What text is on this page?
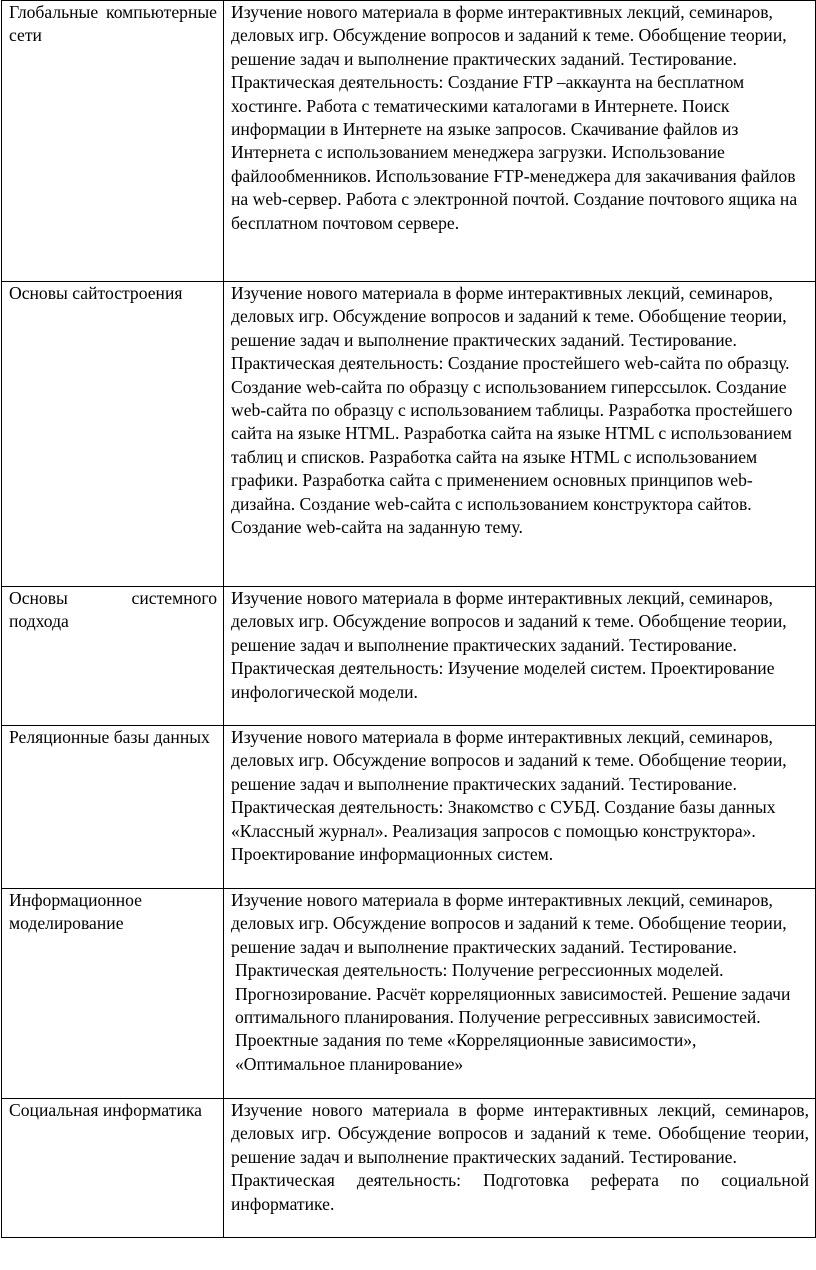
Глобальные компьютерные сети	Изучение нового материала в форме интерактивных лекций, семинаров, деловых игр. Обсуждение вопросов и заданий к теме. Обобщение теории, решение задач и выполнение практических заданий. Тестирование.

Практическая деятельность: Создание FTP –аккаунта на бесплатном хостинге. Работа с тематическими каталогами в Интернете. Поиск информации в Интернете на языке запросов. Скачивание файлов из Интернета с использованием менеджера загрузки. Использование файлообменников. Использование FTP-менеджера для закачивания файлов на web-сервер. Работа с электронной почтой. Создание почтового ящика на бесплатном почтовом сервере.

Основы сайтостроения	Изучение нового материала в форме интерактивных лекций, семинаров, деловых игр. Обсуждение вопросов и заданий к теме. Обобщение теории, решение задач и выполнение практических заданий. Тестирование.

Практическая деятельность: Создание простейшего web-сайта по образцу. Создание web-сайта по образцу с использованием гиперссылок. Создание web-сайта по образцу с использованием таблицы. Разработка простейшего сайта на языке HTML. Разработка сайта на языке HTML с использованием таблиц и списков. Разработка сайта на языке HTML с использованием графики. Разработка сайта с применением основных принципов web-дизайна. Создание web-сайта с использованием конструктора сайтов. Создание web-сайта на заданную тему.

Основы системного подхода	Изучение нового материала в форме интерактивных лекций, семинаров, деловых игр. Обсуждение вопросов и заданий к теме. Обобщение теории, решение задач и выполнение практических заданий. Тестирование.

Практическая деятельность: Изучение моделей систем. Проектирование инфологической модели.

Реляционные базы данных	Изучение нового материала в форме интерактивных лекций, семинаров, деловых игр. Обсуждение вопросов и заданий к теме. Обобщение теории, решение задач и выполнение практических заданий. Тестирование.

Практическая деятельность: Знакомство с СУБД. Создание базы данных «Классный журнал». Реализация запросов с помощью конструктора». Проектирование информационных систем.

Информационное моделирование	Изучение нового материала в форме интерактивных лекций, семинаров, деловых игр. Обсуждение вопросов и заданий к теме. Обобщение теории, решение задач и выполнение практических заданий. Тестирование.

Практическая деятельность: Получение регрессионных моделей. Прогнозирование. Расчёт корреляционных зависимостей. Решение задачи оптимального планирования. Получение регрессивных зависимостей. Проектные задания по теме «Корреляционные зависимости», «Оптимальное планирование»

Социальная информатика	Изучение нового материала в форме интерактивных лекций, семинаров, деловых игр. Обсуждение вопросов и заданий к теме. Обобщение теории, решение задач и выполнение практических заданий. Тестирование.

Практическая деятельность: Подготовка реферата по социальной информатике.
